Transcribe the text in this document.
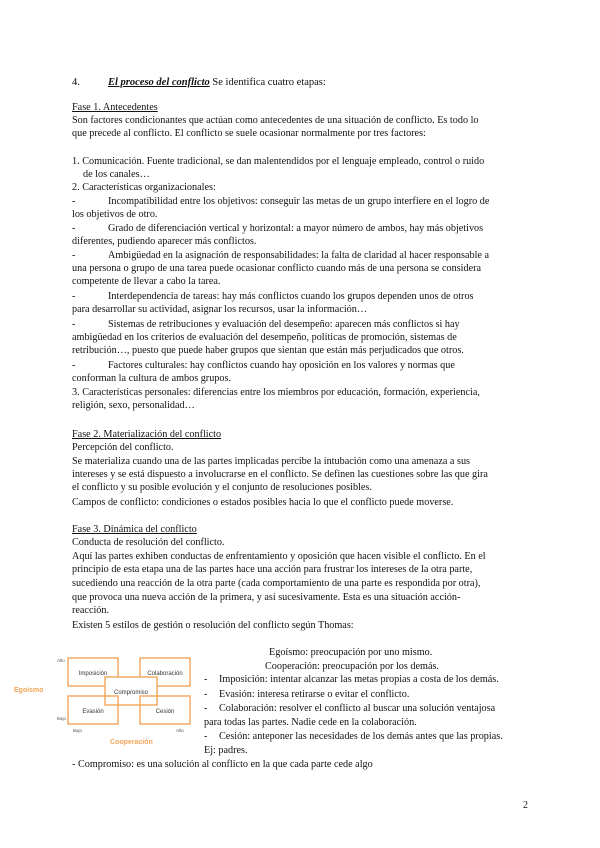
4.	El proceso del conflicto Se identifica cuatro etapas:
Fase 1. Antecedentes
Son factores condicionantes que actúan como antecedentes de una situación de conflicto. Es todo lo
que precede al conflicto. El conflicto se suele ocasionar normalmente por tres factores:
1. Comunicación. Fuente tradicional, se dan malentendidos por el lenguaje empleado, control o ruido
de los canales…
2. Características organizacionales:
-	Incompatibilidad entre los objetivos: conseguir las metas de un grupo interfiere en el logro de
los objetivos de otro.
-	Grado de diferenciación vertical y horizontal: a mayor número de ambos, hay más objetivos
diferentes, pudiendo aparecer más conflictos.
-	Ambigüedad en la asignación de responsabilidades: la falta de claridad al hacer responsable a
una persona o grupo de una tarea puede ocasionar conflicto cuando más de una persona se considera
competente de llevar a cabo la tarea.
-	Interdependencia de tareas: hay más conflictos cuando los grupos dependen unos de otros
para desarrollar su actividad, asignar los recursos, usar la información…
-	Sistemas de retribuciones y evaluación del desempeño: aparecen más conflictos si hay
ambigüedad en los criterios de evaluación del desempeño, políticas de promoción, sistemas de
retribución…, puesto que puede haber grupos que sientan que están más perjudicados que otros.
-	Factores culturales: hay conflictos cuando hay oposición en los valores y normas que
conforman la cultura de ambos grupos.
3. Características personales: diferencias entre los miembros por educación, formación, experiencia,
religión, sexo, personalidad…
Fase 2. Materialización del conflicto
Percepción del conflicto.
Se materializa cuando una de las partes implicadas percibe la intubación como una amenaza a sus
intereses y se está dispuesto a involucrarse en el conflicto. Se definen las cuestiones sobre las que gira
el conflicto y su posible evolución y el conjunto de resoluciones posibles.
Campos de conflicto: condiciones o estados posibles hacia lo que el conflicto puede moverse.
Fase 3. Dinámica del conflicto
Conducta de resolución del conflicto.
Aquí las partes exhiben conductas de enfrentamiento y oposición que hacen visible el conflicto. En el
principio de esta etapa una de las partes hace una acción para frustrar los intereses de la otra parte,
sucediendo una reacción de la otra parte (cada comportamiento de una parte es respondida por otra),
que provoca una nueva acción de la primera, y así sucesivamente. Esta es una situación acción-
reacción.
Existen 5 estilos de gestión o resolución del conflicto según Thomas:
Imposición	Colaboración
Compromiso
Evasión	Cesión
Alto
Bajo
Bajo	Alto
Egoísmo
Cooperación
Egoísmo: preocupación por uno mismo.
Cooperación: preocupación por los demás.
- Imposición: intentar alcanzar las metas propias a costa de los demás.
- Evasión: interesa retirarse o evitar el conflicto.
- Colaboración: resolver el conflicto al buscar una solución ventajosa
para todas las partes. Nadie cede en la colaboración.
- Cesión: anteponer las necesidades de los demás antes que las propias.
Ej: padres.
- Compromiso: es una solución al conflicto en la que cada parte cede algo
2
